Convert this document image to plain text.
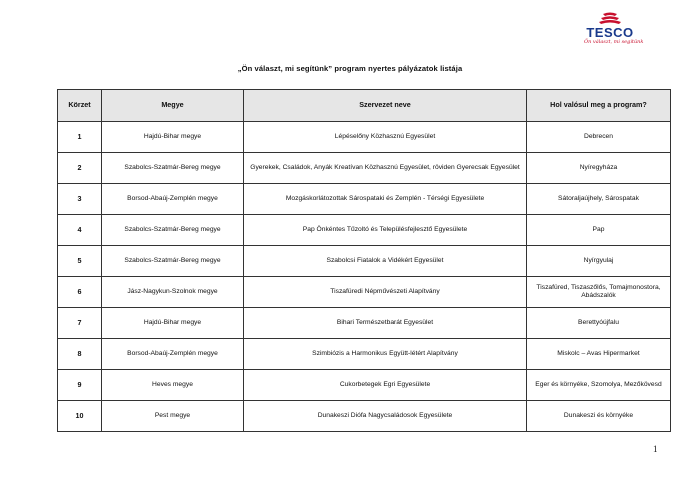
TESCO
Ön választ, mi segítünk
„Ön választ, mi segítünk” program nyertes pályázatok listája
Körzet	Megye	Szervezet neve	Hol valósul meg a program?
1	Hajdú-Bihar megye	Lépéselőny Közhasznú Egyesület	Debrecen
2	Szabolcs-Szatmár-Bereg megye	Gyerekek, Családok, Anyák Kreatívan Közhasznú Egyesület, röviden Gyerecsak Egyesület	Nyíregyháza
3	Borsod-Abaúj-Zemplén megye	Mozgáskorlátozottak Sárospataki és Zemplén - Térségi Egyesülete	Sátoraljaújhely, Sárospatak
4	Szabolcs-Szatmár-Bereg megye	Pap Önkéntes Tűzoltó és Településfejlesztő Egyesülete	Pap
5	Szabolcs-Szatmár-Bereg megye	Szabolcsi Fiatalok a Vidékért Egyesület	Nyírgyulaj
6	Jász-Nagykun-Szolnok megye	Tiszafüredi Népművészeti Alapítvány	Tiszafüred, Tiszaszőlős, Tomajmonostora, Abádszalók
7	Hajdú-Bihar megye	Bihari Természetbarát Egyesület	Berettyóújfalu
8	Borsod-Abaúj-Zemplén megye	Szimbiózis a Harmonikus Együtt-létért Alapítvány	Miskolc – Avas Hipermarket
9	Heves megye	Cukorbetegek Egri Egyesülete	Eger és környéke, Szomolya, Mezőkövesd
10	Pest megye	Dunakeszi Diófa Nagycsaládosok Egyesülete	Dunakeszi és környéke
1
